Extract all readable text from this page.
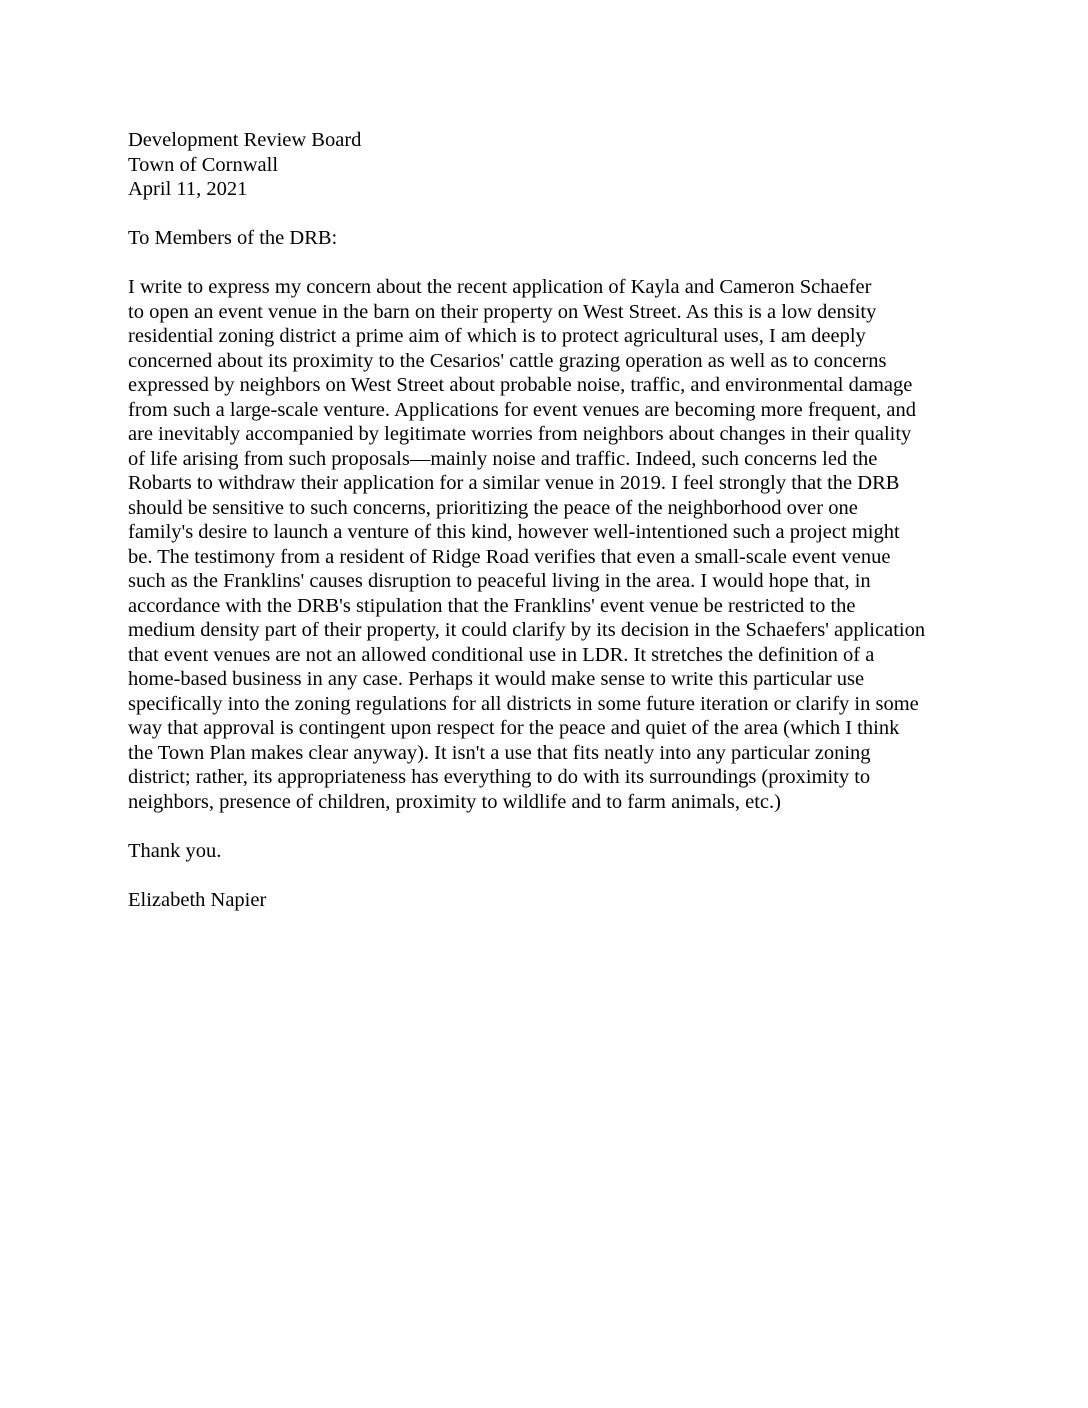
Development Review Board
Town of Cornwall
April 11, 2021
To Members of the DRB:
I write to express my concern about the recent application of Kayla and Cameron Schaefer
to open an event venue in the barn on their property on West Street. As this is a low density
residential zoning district a prime aim of which is to protect agricultural uses, I am deeply
concerned about its proximity to the Cesarios' cattle grazing operation as well as to concerns
expressed by neighbors on West Street about probable noise, traffic, and environmental damage
from such a large-scale venture. Applications for event venues are becoming more frequent, and
are inevitably accompanied by legitimate worries from neighbors about changes in their quality
of life arising from such proposals—mainly noise and traffic. Indeed, such concerns led the
Robarts to withdraw their application for a similar venue in 2019. I feel strongly that the DRB
should be sensitive to such concerns, prioritizing the peace of the neighborhood over one
family's desire to launch a venture of this kind, however well-intentioned such a project might
be. The testimony from a resident of Ridge Road verifies that even a small-scale event venue
such as the Franklins' causes disruption to peaceful living in the area. I would hope that, in
accordance with the DRB's stipulation that the Franklins' event venue be restricted to the
medium density part of their property, it could clarify by its decision in the Schaefers' application
that event venues are not an allowed conditional use in LDR. It stretches the definition of a
home-based business in any case. Perhaps it would make sense to write this particular use
specifically into the zoning regulations for all districts in some future iteration or clarify in some
way that approval is contingent upon respect for the peace and quiet of the area (which I think
the Town Plan makes clear anyway). It isn't a use that fits neatly into any particular zoning
district; rather, its appropriateness has everything to do with its surroundings (proximity to
neighbors, presence of children, proximity to wildlife and to farm animals, etc.)
Thank you.
Elizabeth Napier
